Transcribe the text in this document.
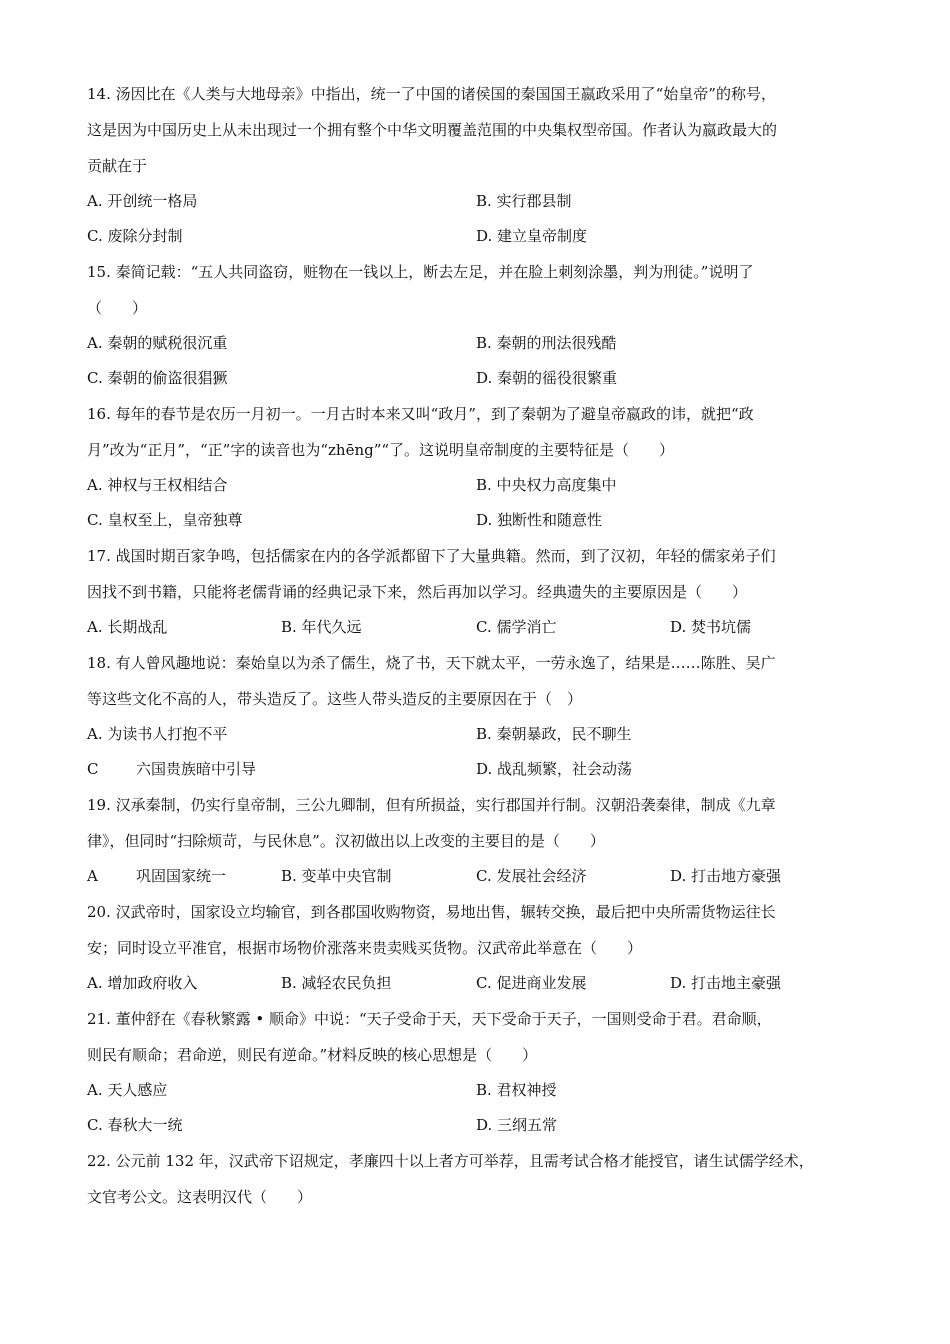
14. 汤因比在《人类与大地母亲》中指出，统一了中国的诸侯国的秦国国王嬴政采用了“始皇帝”的称号，
这是因为中国历史上从未出现过一个拥有整个中华文明覆盖范围的中央集权型帝国。作者认为嬴政最大的
贡献在于
A. 开创统一格局	B. 实行郡县制
C. 废除分封制	D. 建立皇帝制度
15. 秦简记载：“五人共同盗窃，赃物在一钱以上，断去左足，并在脸上刺刻涂墨，判为刑徒。”说明了
（　　）
A. 秦朝的赋税很沉重	B. 秦朝的刑法很残酷
C. 秦朝的偷盗很猖獗	D. 秦朝的徭役很繁重
16. 每年的春节是农历一月初一。一月古时本来又叫“政月”，到了秦朝为了避皇帝嬴政的讳，就把“政
月”改为“正月”，“正”字的读音也为“zhēng”“了。这说明皇帝制度的主要特征是（　　）
A. 神权与王权相结合	B. 中央权力高度集中
C. 皇权至上，皇帝独尊	D. 独断性和随意性
17. 战国时期百家争鸣，包括儒家在内的各学派都留下了大量典籍。然而，到了汉初，年轻的儒家弟子们
因找不到书籍，只能将老儒背诵的经典记录下来，然后再加以学习。经典遗失的主要原因是（　　）
A. 长期战乱	B. 年代久远	C. 儒学消亡	D. 焚书坑儒
18. 有人曾风趣地说：秦始皇以为杀了儒生，烧了书，天下就太平，一劳永逸了，结果是……陈胜、吴广
等这些文化不高的人，带头造反了。这些人带头造反的主要原因在于（　）
A. 为读书人打抱不平	B. 秦朝暴政，民不聊生
C	六国贵族暗中引导	D. 战乱频繁，社会动荡
19. 汉承秦制，仍实行皇帝制，三公九卿制，但有所损益，实行郡国并行制。汉朝沿袭秦律，制成《九章
律》，但同时“扫除烦苛，与民休息”。汉初做出以上改变的主要目的是（　　）
A	巩固国家统一	B. 变革中央官制	C. 发展社会经济	D. 打击地方豪强
20. 汉武帝时，国家设立均输官，到各郡国收购物资，易地出售，辗转交换，最后把中央所需货物运往长
安；同时设立平准官，根据市场物价涨落来贵卖贱买货物。汉武帝此举意在（　　）
A. 增加政府收入	B. 减轻农民负担	C. 促进商业发展	D. 打击地主豪强
21. 董仲舒在《春秋繁露 • 顺命》中说：“天子受命于天，天下受命于天子，一国则受命于君。君命顺，
则民有顺命；君命逆，则民有逆命。”材料反映的核心思想是（　　）
A. 天人感应	B. 君权神授
C. 春秋大一统	D. 三纲五常
22. 公元前 132 年，汉武帝下诏规定，孝廉四十以上者方可举荐，且需考试合格才能授官，诸生试儒学经术，
文官考公文。这表明汉代（　　）
